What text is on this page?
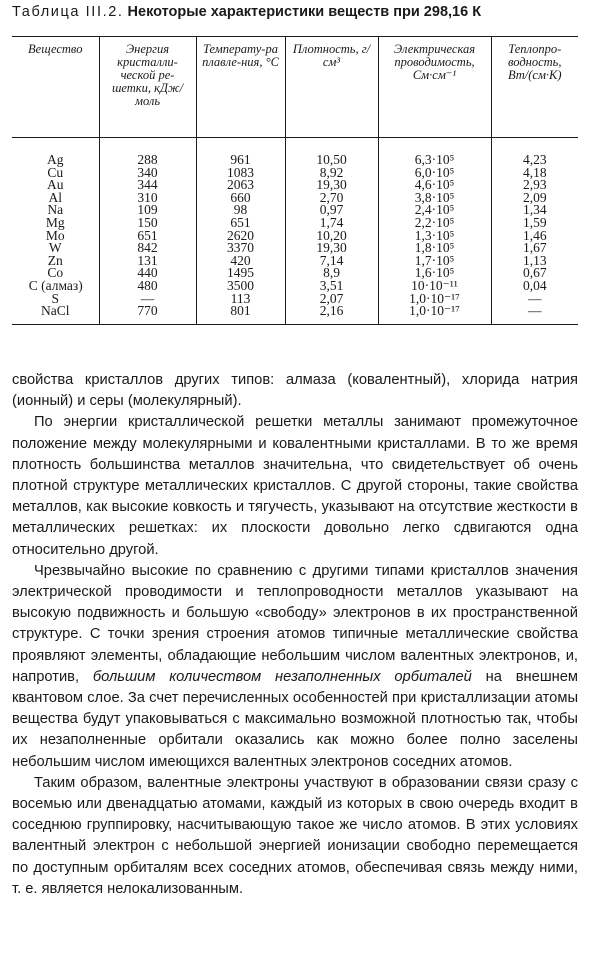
Таблица III.2. Некоторые характеристики веществ при 298,16 К
Вещество	Энергия кристалли-ческой ре-шетки, кДж/моль	Температу-ра плавле-ния, °С	Плотность, г/см³	Электрическая проводимость, См·см⁻¹	Теплопро-водность, Вт/(см·К)
Ag	288	961	10,50	6,3·10⁵	4,23
Cu	340	1083	8,92	6,0·10⁵	4,18
Au	344	2063	19,30	4,6·10⁵	2,93
Al	310	660	2,70	3,8·10⁵	2,09
Na	109	98	0,97	2,4·10⁵	1,34
Mg	150	651	1,74	2,2·10⁵	1,59
Mo	651	2620	10,20	1,3·10⁵	1,46
W	842	3370	19,30	1,8·10⁵	1,67
Zn	131	420	7,14	1,7·10⁵	1,13
Co	440	1495	8,9	1,6·10⁵	0,67
C (алмаз)	480	3500	3,51	10·10⁻¹¹	0,04
S	—	113	2,07	1,0·10⁻¹⁷	—
NaCl	770	801	2,16	1,0·10⁻¹⁷	—

свойства кристаллов других типов: алмаза (ковалентный), хлорида натрия (ионный) и серы (молекулярный).

По энергии кристаллической решетки металлы занимают промежуточное положение между молекулярными и ковалентными кристаллами. В то же время плотность большинства металлов значительна, что свидетельствует об очень плотной структуре металлических кристаллов. С другой стороны, такие свойства металлов, как высокие ковкость и тягучесть, указывают на отсутствие жесткости в металлических решетках: их плоскости довольно легко сдвигаются одна относительно другой.

Чрезвычайно высокие по сравнению с другими типами кристаллов значения электрической проводимости и теплопроводности металлов указывают на высокую подвижность и большую «свободу» электронов в их пространственной структуре. С точки зрения строения атомов типичные металлические свойства проявляют элементы, обладающие небольшим числом валентных электронов, и, напротив, большим количеством незаполненных орбиталей на внешнем квантовом слое. За счет перечисленных особенностей при кристаллизации атомы вещества будут упаковываться с максимально возможной плотностью так, чтобы их незаполненные орбитали оказались как можно более полно заселены небольшим числом имеющихся валентных электронов соседних атомов.

Таким образом, валентные электроны участвуют в образовании связи сразу с восемью или двенадцатью атомами, каждый из которых в свою очередь входит в соседнюю группировку, насчитывающую такое же число атомов. В этих условиях валентный электрон с небольшой энергией ионизации свободно перемещается по доступным орбиталям всех соседних атомов, обеспечивая связь между ними, т. е. является нелокализованным.
